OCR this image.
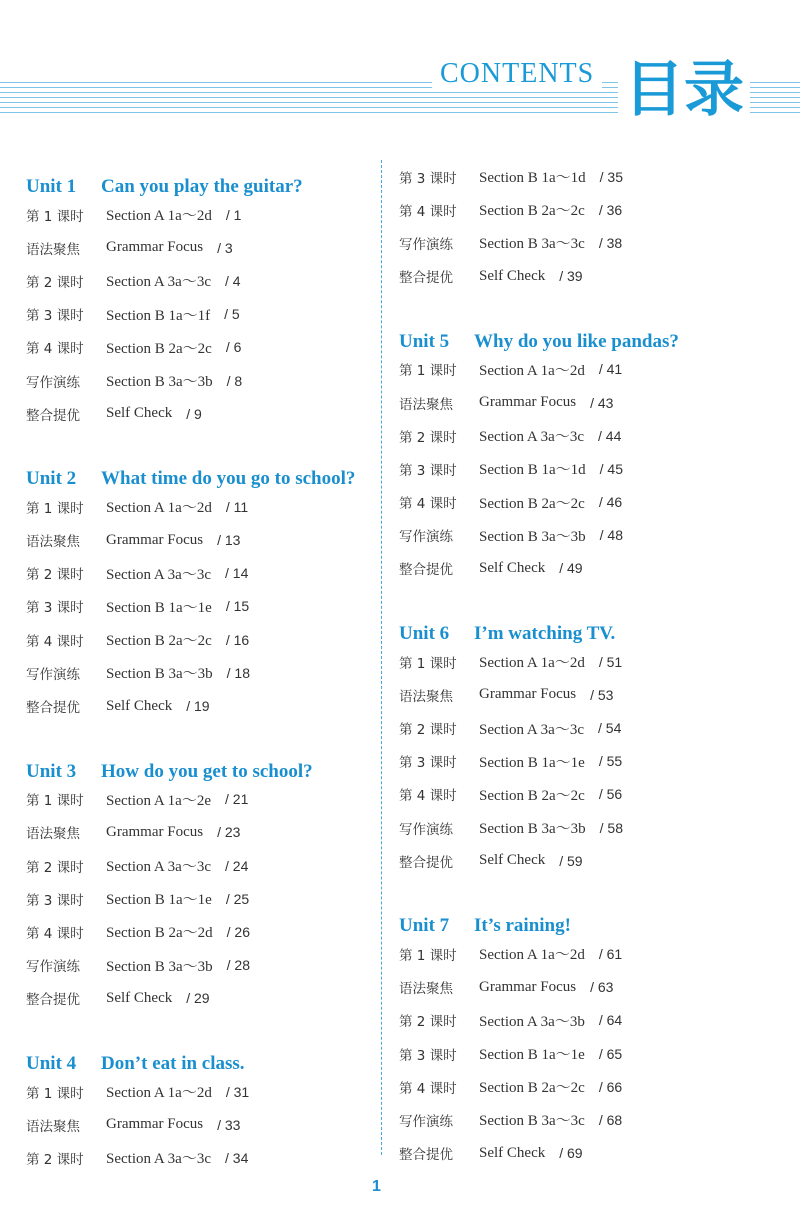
CONTENTS 目录
Unit 1	Can you play the guitar?
第 1 课时	Section A 1a～2d / 1
语法聚焦	Grammar Focus / 3
第 2 课时	Section A 3a～3c / 4
第 3 课时	Section B 1a～1f / 5
第 4 课时	Section B 2a～2c / 6
写作演练	Section B 3a～3b / 8
整合提优	Self Check / 9
Unit 2	What time do you go to school?
第 1 课时	Section A 1a～2d / 11
语法聚焦	Grammar Focus / 13
第 2 课时	Section A 3a～3c / 14
第 3 课时	Section B 1a～1e / 15
第 4 课时	Section B 2a～2c / 16
写作演练	Section B 3a～3b / 18
整合提优	Self Check / 19
Unit 3	How do you get to school?
第 1 课时	Section A 1a～2e / 21
语法聚焦	Grammar Focus / 23
第 2 课时	Section A 3a～3c / 24
第 3 课时	Section B 1a～1e / 25
第 4 课时	Section B 2a～2d / 26
写作演练	Section B 3a～3b / 28
整合提优	Self Check / 29
Unit 4	Don’t eat in class.
第 1 课时	Section A 1a～2d / 31
语法聚焦	Grammar Focus / 33
第 2 课时	Section A 3a～3c / 34
第 3 课时	Section B 1a～1d / 35
第 4 课时	Section B 2a～2c / 36
写作演练	Section B 3a～3c / 38
整合提优	Self Check / 39
Unit 5	Why do you like pandas?
第 1 课时	Section A 1a～2d / 41
语法聚焦	Grammar Focus / 43
第 2 课时	Section A 3a～3c / 44
第 3 课时	Section B 1a～1d / 45
第 4 课时	Section B 2a～2c / 46
写作演练	Section B 3a～3b / 48
整合提优	Self Check / 49
Unit 6	I’m watching TV.
第 1 课时	Section A 1a～2d / 51
语法聚焦	Grammar Focus / 53
第 2 课时	Section A 3a～3c / 54
第 3 课时	Section B 1a～1e / 55
第 4 课时	Section B 2a～2c / 56
写作演练	Section B 3a～3b / 58
整合提优	Self Check / 59
Unit 7	It’s raining!
第 1 课时	Section A 1a～2d / 61
语法聚焦	Grammar Focus / 63
第 2 课时	Section A 3a～3b / 64
第 3 课时	Section B 1a～1e / 65
第 4 课时	Section B 2a～2c / 66
写作演练	Section B 3a～3c / 68
整合提优	Self Check / 69
1
